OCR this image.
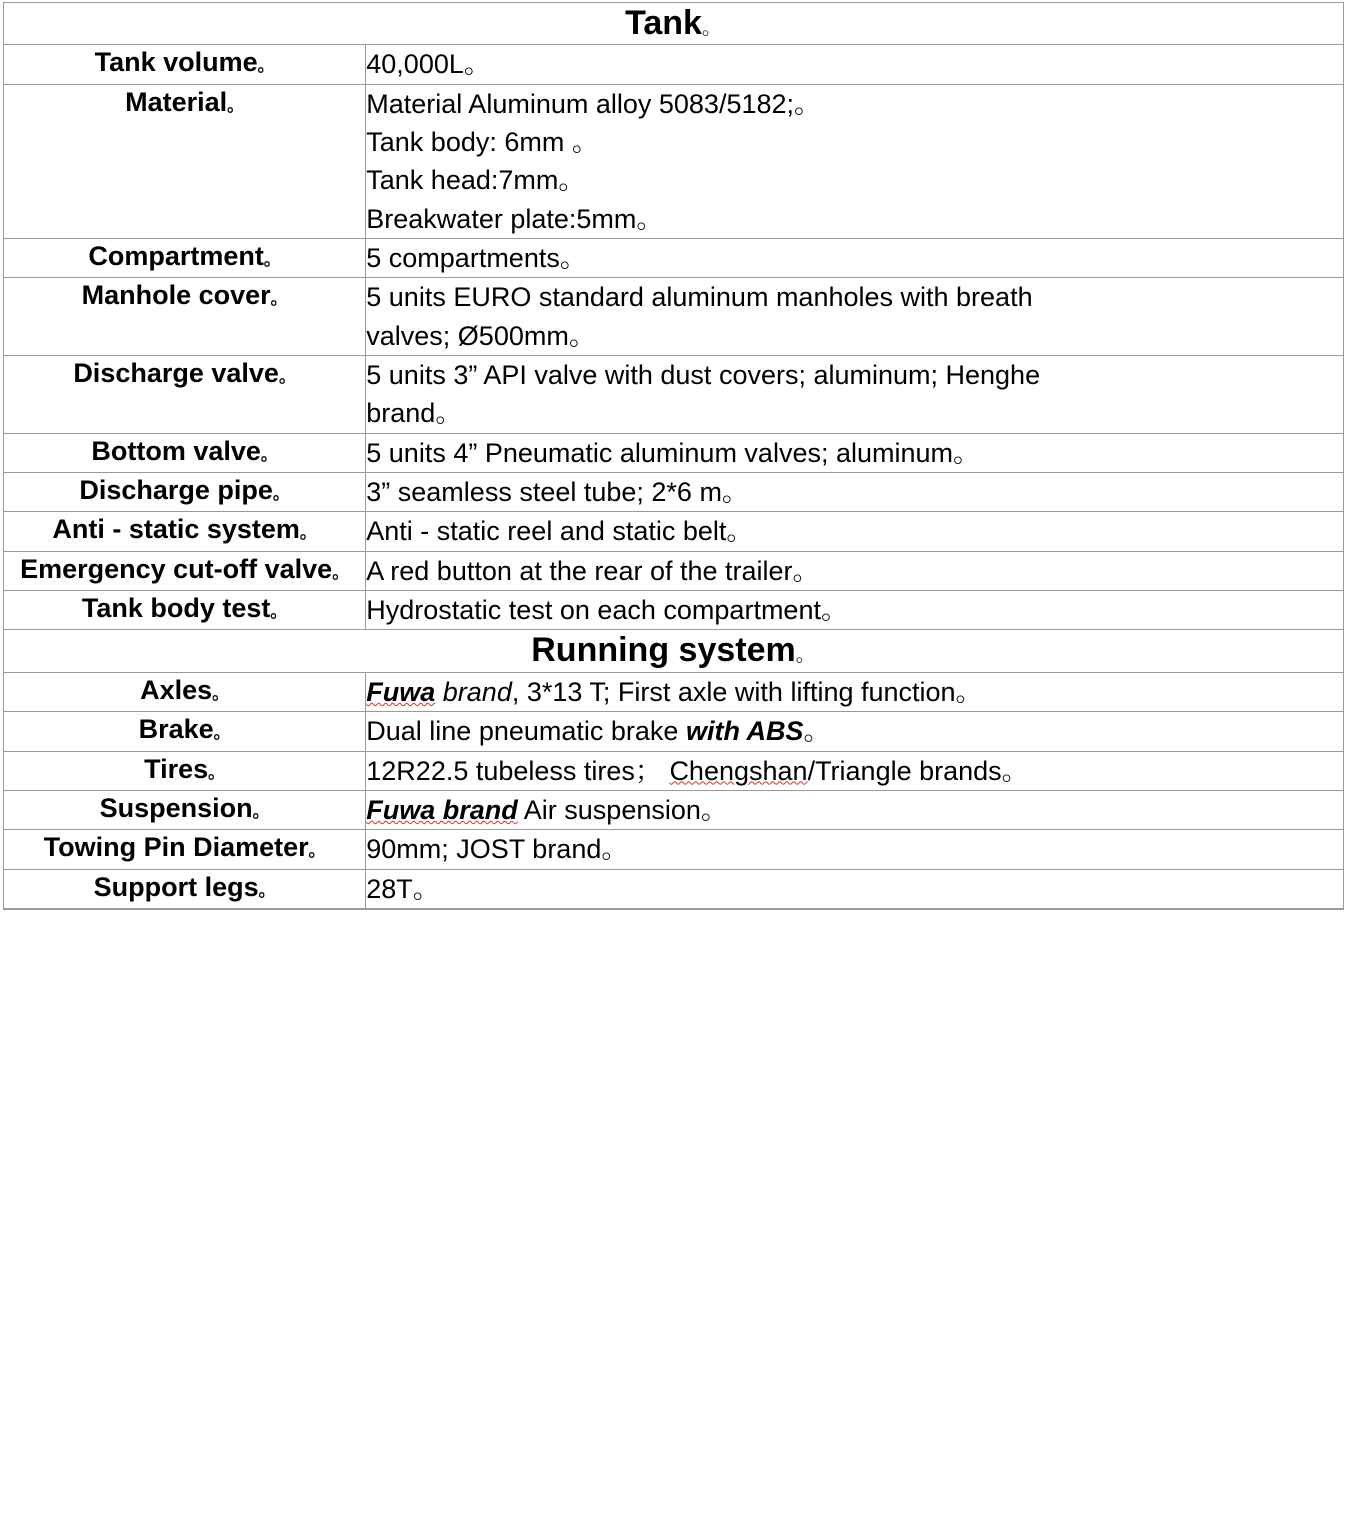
Tank。	
Tank volume。	40,000L。

Material。	Material Aluminum alloy 5083/5182;。
Tank body: 6mm 。
Tank head:7mm。
Breakwater plate:5mm。

Compartment。	5 compartments。

Manhole cover。	5 units EURO standard aluminum manholes with breath
valves; Ø500mm。

Discharge valve。	5 units 3” API valve with dust covers; aluminum; Henghe
brand。

Bottom valve。	5 units 4” Pneumatic aluminum valves; aluminum。

Discharge pipe。	3” seamless steel tube; 2*6 m。

Anti - static system。	Anti - static reel and static belt。

Emergency cut-off valve。	A red button at the rear of the trailer。

Tank body test。	Hydrostatic test on each compartment。

Running system。	
Axles。	Fuwa brand, 3*13 T; First axle with lifting function。

Brake。	Dual line pneumatic brake with ABS。

Tires。	12R22.5 tubeless tires； Chengshan/Triangle brands。

Suspension。	Fuwa brand Air suspension。

Towing Pin Diameter。	90mm; JOST brand。

Support legs。	28T。
